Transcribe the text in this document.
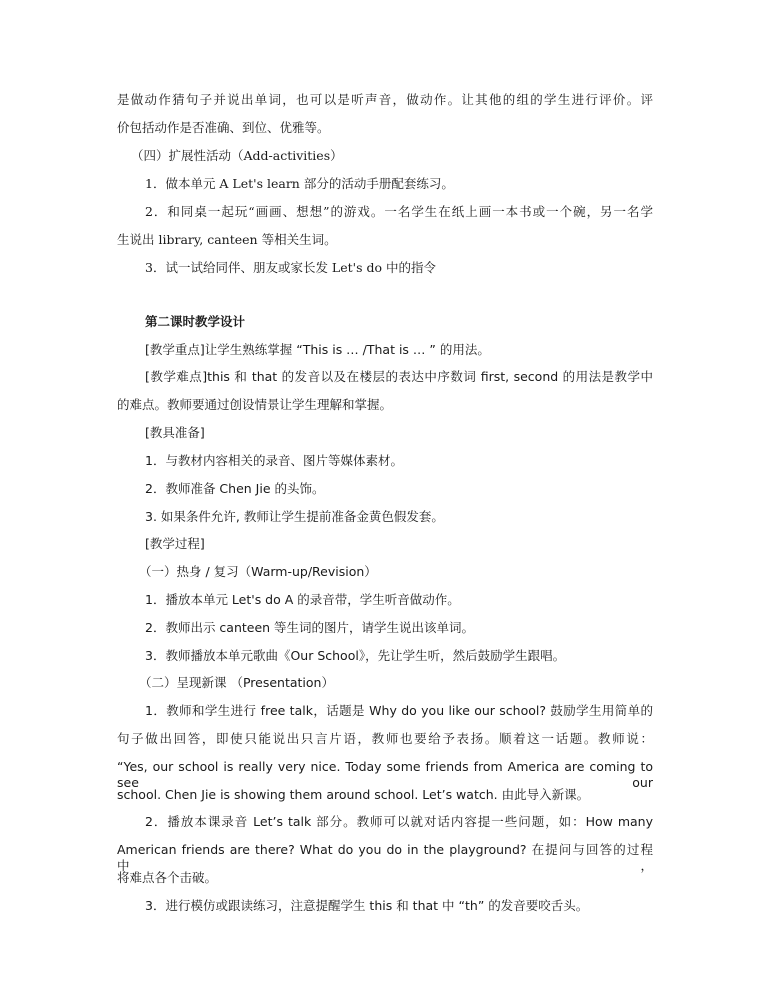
是做动作猜句子并说出单词，也可以是听声音，做动作。让其他的组的学生进行评价。评
价包括动作是否准确、到位、优雅等。
（四）扩展性活动（Add-activities）
1．做本单元 A Let's learn 部分的活动手册配套练习。
2．和同桌一起玩“画画、想想”的游戏。一名学生在纸上画一本书或一个碗，另一名学
生说出 library, canteen 等相关生词。
3．试一试给同伴、朋友或家长发 Let's do 中的指令
第二课时教学设计
[教学重点]让学生熟练掌握 “This is … /That is … ” 的用法。
[教学难点]this 和 that 的发音以及在楼层的表达中序数词 first, second 的用法是教学中
的难点。教师要通过创设情景让学生理解和掌握。
[教具准备]
1．与教材内容相关的录音、图片等媒体素材。
2．教师准备 Chen Jie 的头饰。
3. 如果条件允许, 教师让学生提前准备金黄色假发套。
[教学过程]
（一）热身 / 复习（Warm-up/Revision）
1．播放本单元 Let's do A 的录音带，学生听音做动作。
2．教师出示 canteen 等生词的图片，请学生说出该单词。
3．教师播放本单元歌曲《Our School》，先让学生听，然后鼓励学生跟唱。
（二）呈现新课 （Presentation）
1．教师和学生进行 free talk，话题是 Why do you like our school? 鼓励学生用简单的
句子做出回答，即使只能说出只言片语，教师也要给予表扬。顺着这一话题。教师说：
“Yes, our school is really very nice. Today some friends from America are coming to see our
school. Chen Jie is showing them around school. Let’s watch. 由此导入新课。
2．播放本课录音 Let’s talk 部分。教师可以就对话内容提一些问题，如：How many
American friends are there? What do you do in the playground? 在提问与回答的过程中，
将难点各个击破。
3．进行模仿或跟读练习，注意提醒学生 this 和 that 中 “th” 的发音要咬舌头。
